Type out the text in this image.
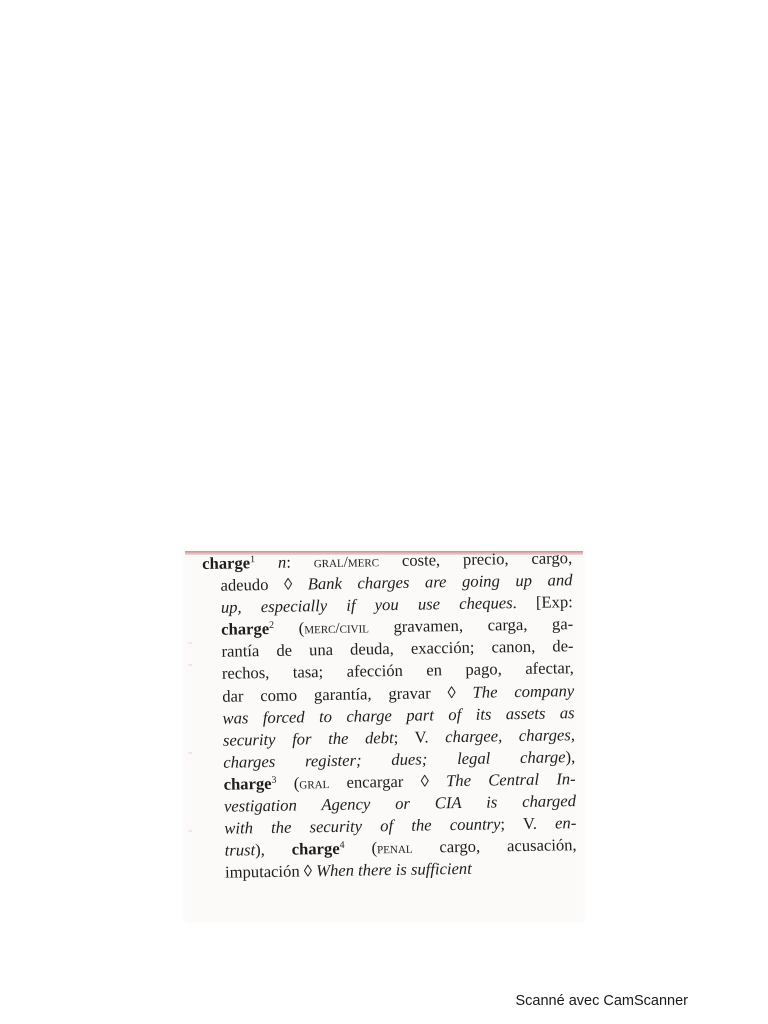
-
-
-
-
charge$^1$ n: gral/merc coste, precio, cargo,
adeudo ◊ Bank charges are going up and
up, especially if you use cheques. [Exp:
charge$^2$ (merc/civil gravamen, carga, ga-
rantía de una deuda, exacción; canon, de-
rechos, tasa; afección en pago, afectar,
dar como garantía, gravar ◊ The company
was forced to charge part of its assets as
security for the debt; V. chargee, charges,
charges register; dues; legal charge),
charge$^3$ (gral encargar ◊ The Central In-
vestigation Agency or CIA is charged
with the security of the country; V. en-
trust), charge$^4$ (penal cargo, acusación,
imputación ◊ When there is sufficient
Scanné avec CamScanner
